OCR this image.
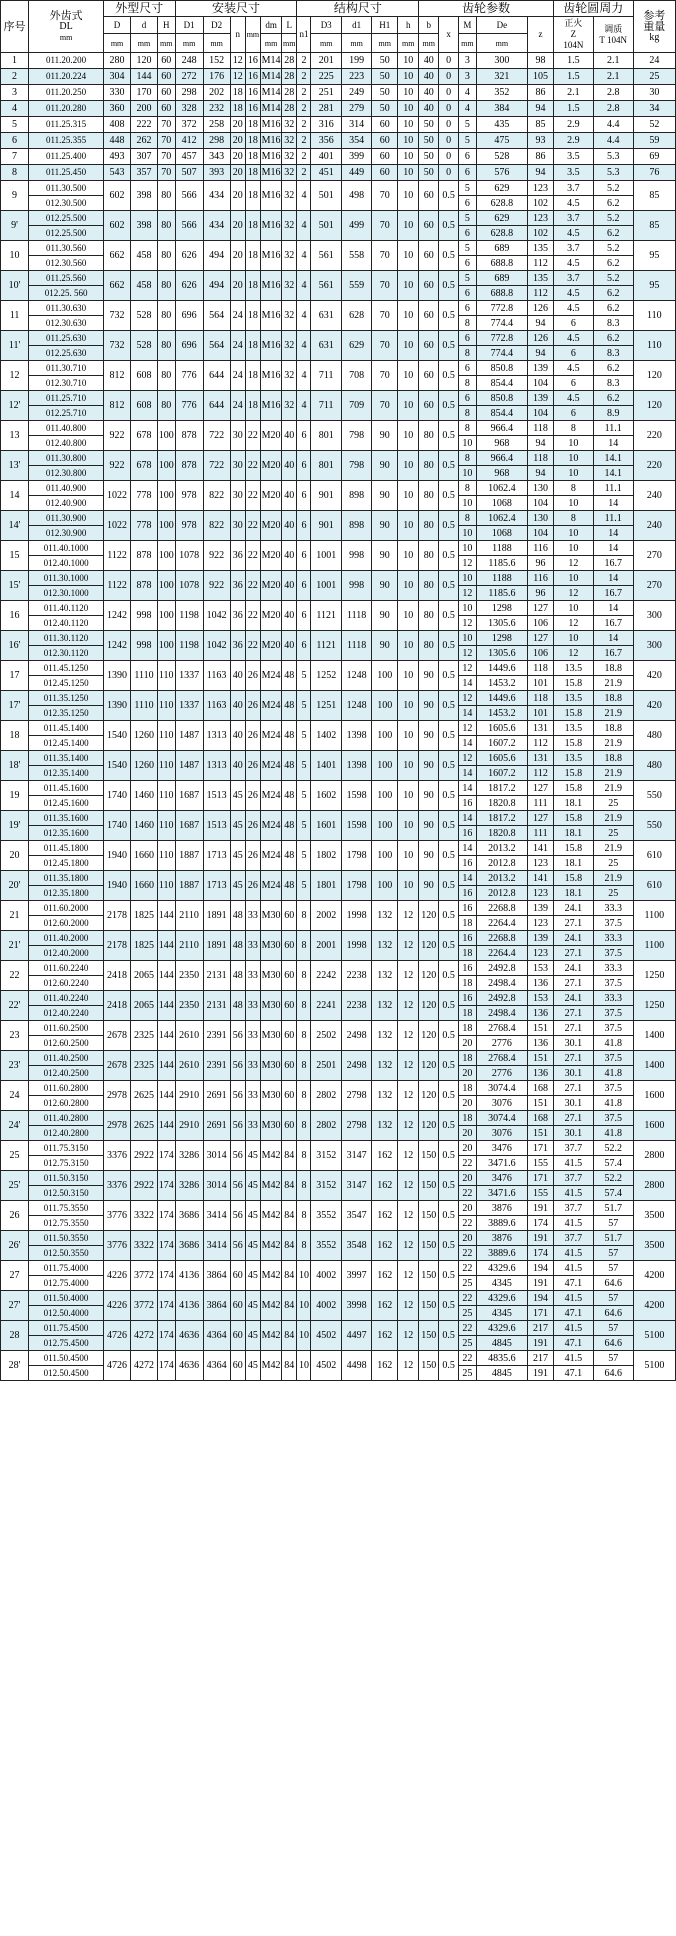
序号	外齿式
DL
mm	外型尺寸			安装尺寸						结构尺寸					齿轮参数					齿轮圆周力		参考
重量
kg

		D	d	H	D1	D2	n	mm	dm	L	n1	D3	d1	H1	h	b	x	M	De	z	正火
Z
104N	调质
T 104N	

		mm	mm	mm	mm	mm			mm	mm		mm	mm	mm	mm	mm		mm	mm				
1	011.20.200	280	120	60	248	152	12	16	M14	28	2	201	199	50	10	40	0	3	300	98	1.5	2.1	24
2	011.20.224	304	144	60	272	176	12	16	M14	28	2	225	223	50	10	40	0	3	321	105	1.5	2.1	25
3	011.20.250	330	170	60	298	202	18	16	M14	28	2	251	249	50	10	40	0	4	352	86	2.1	2.8	30
4	011.20.280	360	200	60	328	232	18	16	M14	28	2	281	279	50	10	40	0	4	384	94	1.5	2.8	34
5	011.25.315	408	222	70	372	258	20	18	M16	32	2	316	314	60	10	50	0	5	435	85	2.9	4.4	52
6	011.25.355	448	262	70	412	298	20	18	M16	32	2	356	354	60	10	50	0	5	475	93	2.9	4.4	59
7	011.25.400	493	307	70	457	343	20	18	M16	32	2	401	399	60	10	50	0	6	528	86	3.5	5.3	69
8	011.25.450	543	357	70	507	393	20	18	M16	32	2	451	449	60	10	50	0	6	576	94	3.5	5.3	76
9	011.30.500	602	398	80	566	434	20	18	M16	32	4	501	498	70	10	60	0.5	5	629	123	3.7	5.2	85
	012.30.500																	6	628.8	102	4.5	6.2	
9'	012.25.500	602	398	80	566	434	20	18	M16	32	4	501	499	70	10	60	0.5	5	629	123	3.7	5.2	85
	012.25.500																	6	628.8	102	4.5	6.2	
10	011.30.560	662	458	80	626	494	20	18	M16	32	4	561	558	70	10	60	0.5	5	689	135	3.7	5.2	95
	012.30.560																	6	688.8	112	4.5	6.2	
10'	011.25.560	662	458	80	626	494	20	18	M16	32	4	561	559	70	10	60	0.5	5	689	135	3.7	5.2	95
	012.25. 560																	6	688.8	112	4.5	6.2	
11	011.30.630	732	528	80	696	564	24	18	M16	32	4	631	628	70	10	60	0.5	6	772.8	126	4.5	6.2	110
	012.30.630																	8	774.4	94	6	8.3	
11'	011.25.630	732	528	80	696	564	24	18	M16	32	4	631	629	70	10	60	0.5	6	772.8	126	4.5	6.2	110
	012.25.630																	8	774.4	94	6	8.3	
12	011.30.710	812	608	80	776	644	24	18	M16	32	4	711	708	70	10	60	0.5	6	850.8	139	4.5	6.2	120
	012.30.710																	8	854.4	104	6	8.3	
12'	011.25.710	812	608	80	776	644	24	18	M16	32	4	711	709	70	10	60	0.5	6	850.8	139	4.5	6.2	120
	012.25.710																	8	854.4	104	6	8.9	
13	011.40.800	922	678	100	878	722	30	22	M20	40	6	801	798	90	10	80	0.5	8	966.4	118	8	11.1	220
	012.40.800																	10	968	94	10	14	
13'	011.30.800	922	678	100	878	722	30	22	M20	40	6	801	798	90	10	80	0.5	8	966.4	118	10	14.1	220
	012.30.800																	10	968	94	10	14.1	
14	011.40.900	1022	778	100	978	822	30	22	M20	40	6	901	898	90	10	80	0.5	8	1062.4	130	8	11.1	240
	012.40.900																	10	1068	104	10	14	
14'	011.30.900	1022	778	100	978	822	30	22	M20	40	6	901	898	90	10	80	0.5	8	1062.4	130	8	11.1	240
	012.30.900																	10	1068	104	10	14	
15	011.40.1000	1122	878	100	1078	922	36	22	M20	40	6	1001	998	90	10	80	0.5	10	1188	116	10	14	270
	012.40.1000																	12	1185.6	96	12	16.7	
15'	011.30.1000	1122	878	100	1078	922	36	22	M20	40	6	1001	998	90	10	80	0.5	10	1188	116	10	14	270
	012.30.1000																	12	1185.6	96	12	16.7	
16	011.40.1120	1242	998	100	1198	1042	36	22	M20	40	6	1121	1118	90	10	80	0.5	10	1298	127	10	14	300
	012.40.1120																	12	1305.6	106	12	16.7	
16'	011.30.1120	1242	998	100	1198	1042	36	22	M20	40	6	1121	1118	90	10	80	0.5	10	1298	127	10	14	300
	012.30.1120																	12	1305.6	106	12	16.7	
17	011.45.1250	1390	1110	110	1337	1163	40	26	M24	48	5	1252	1248	100	10	90	0.5	12	1449.6	118	13.5	18.8	420
	012.45.1250																	14	1453.2	101	15.8	21.9	
17'	011.35.1250	1390	1110	110	1337	1163	40	26	M24	48	5	1251	1248	100	10	90	0.5	12	1449.6	118	13.5	18.8	420
	012.35.1250																	14	1453.2	101	15.8	21.9	
18	011.45.1400	1540	1260	110	1487	1313	40	26	M24	48	5	1402	1398	100	10	90	0.5	12	1605.6	131	13.5	18.8	480
	012.45.1400																	14	1607.2	112	15.8	21.9	
18'	011.35.1400	1540	1260	110	1487	1313	40	26	M24	48	5	1401	1398	100	10	90	0.5	12	1605.6	131	13.5	18.8	480
	012.35.1400																	14	1607.2	112	15.8	21.9	
19	011.45.1600	1740	1460	110	1687	1513	45	26	M24	48	5	1602	1598	100	10	90	0.5	14	1817.2	127	15.8	21.9	550
	012.45.1600																	16	1820.8	111	18.1	25	
19'	011.35.1600	1740	1460	110	1687	1513	45	26	M24	48	5	1601	1598	100	10	90	0.5	14	1817.2	127	15.8	21.9	550
	012.35.1600																	16	1820.8	111	18.1	25	
20	011.45.1800	1940	1660	110	1887	1713	45	26	M24	48	5	1802	1798	100	10	90	0.5	14	2013.2	141	15.8	21.9	610
	012.45.1800																	16	2012.8	123	18.1	25	
20'	011.35.1800	1940	1660	110	1887	1713	45	26	M24	48	5	1801	1798	100	10	90	0.5	14	2013.2	141	15.8	21.9	610
	012.35.1800																	16	2012.8	123	18.1	25	
21	011.60.2000	2178	1825	144	2110	1891	48	33	M30	60	8	2002	1998	132	12	120	0.5	16	2268.8	139	24.1	33.3	1100
	012.60.2000																	18	2264.4	123	27.1	37.5	
21'	011.40.2000	2178	1825	144	2110	1891	48	33	M30	60	8	2001	1998	132	12	120	0.5	16	2268.8	139	24.1	33.3	1100
	012.40.2000																	18	2264.4	123	27.1	37.5	
22	011.60.2240	2418	2065	144	2350	2131	48	33	M30	60	8	2242	2238	132	12	120	0.5	16	2492.8	153	24.1	33.3	1250
	012.60.2240																	18	2498.4	136	27.1	37.5	
22'	011.40.2240	2418	2065	144	2350	2131	48	33	M30	60	8	2241	2238	132	12	120	0.5	16	2492.8	153	24.1	33.3	1250
	012.40.2240																	18	2498.4	136	27.1	37.5	
23	011.60.2500	2678	2325	144	2610	2391	56	33	M30	60	8	2502	2498	132	12	120	0.5	18	2768.4	151	27.1	37.5	1400
	012.60.2500																	20	2776	136	30.1	41.8	
23'	011.40.2500	2678	2325	144	2610	2391	56	33	M30	60	8	2501	2498	132	12	120	0.5	18	2768.4	151	27.1	37.5	1400
	012.40.2500																	20	2776	136	30.1	41.8	
24	011.60.2800	2978	2625	144	2910	2691	56	33	M30	60	8	2802	2798	132	12	120	0.5	18	3074.4	168	27.1	37.5	1600
	012.60.2800																	20	3076	151	30.1	41.8	
24'	011.40.2800	2978	2625	144	2910	2691	56	33	M30	60	8	2802	2798	132	12	120	0.5	18	3074.4	168	27.1	37.5	1600
	012.40.2800																	20	3076	151	30.1	41.8	
25	011.75.3150	3376	2922	174	3286	3014	56	45	M42	84	8	3152	3147	162	12	150	0.5	20	3476	171	37.7	52.2	2800
	012.75.3150																	22	3471.6	155	41.5	57.4	
25'	011.50.3150	3376	2922	174	3286	3014	56	45	M42	84	8	3152	3147	162	12	150	0.5	20	3476	171	37.7	52.2	2800
	012.50.3150																	22	3471.6	155	41.5	57.4	
26	011.75.3550	3776	3322	174	3686	3414	56	45	M42	84	8	3552	3547	162	12	150	0.5	20	3876	191	37.7	51.7	3500
	012.75.3550																	22	3889.6	174	41.5	57	
26'	011.50.3550	3776	3322	174	3686	3414	56	45	M42	84	8	3552	3548	162	12	150	0.5	20	3876	191	37.7	51.7	3500
	012.50.3550																	22	3889.6	174	41.5	57	
27	011.75.4000	4226	3772	174	4136	3864	60	45	M42	84	10	4002	3997	162	12	150	0.5	22	4329.6	194	41.5	57	4200
	012.75.4000																	25	4345	191	47.1	64.6	
27'	011.50.4000	4226	3772	174	4136	3864	60	45	M42	84	10	4002	3998	162	12	150	0.5	22	4329.6	194	41.5	57	4200
	012.50.4000																	25	4345	171	47.1	64.6	
28	011.75.4500	4726	4272	174	4636	4364	60	45	M42	84	10	4502	4497	162	12	150	0.5	22	4329.6	217	41.5	57	5100
	012.75.4500																	25	4845	191	47.1	64.6	
28'	011.50.4500	4726	4272	174	4636	4364	60	45	M42	84	10	4502	4498	162	12	150	0.5	22	4835.6	217	41.5	57	5100
	012.50.4500																	25	4845	191	47.1	64.6	
